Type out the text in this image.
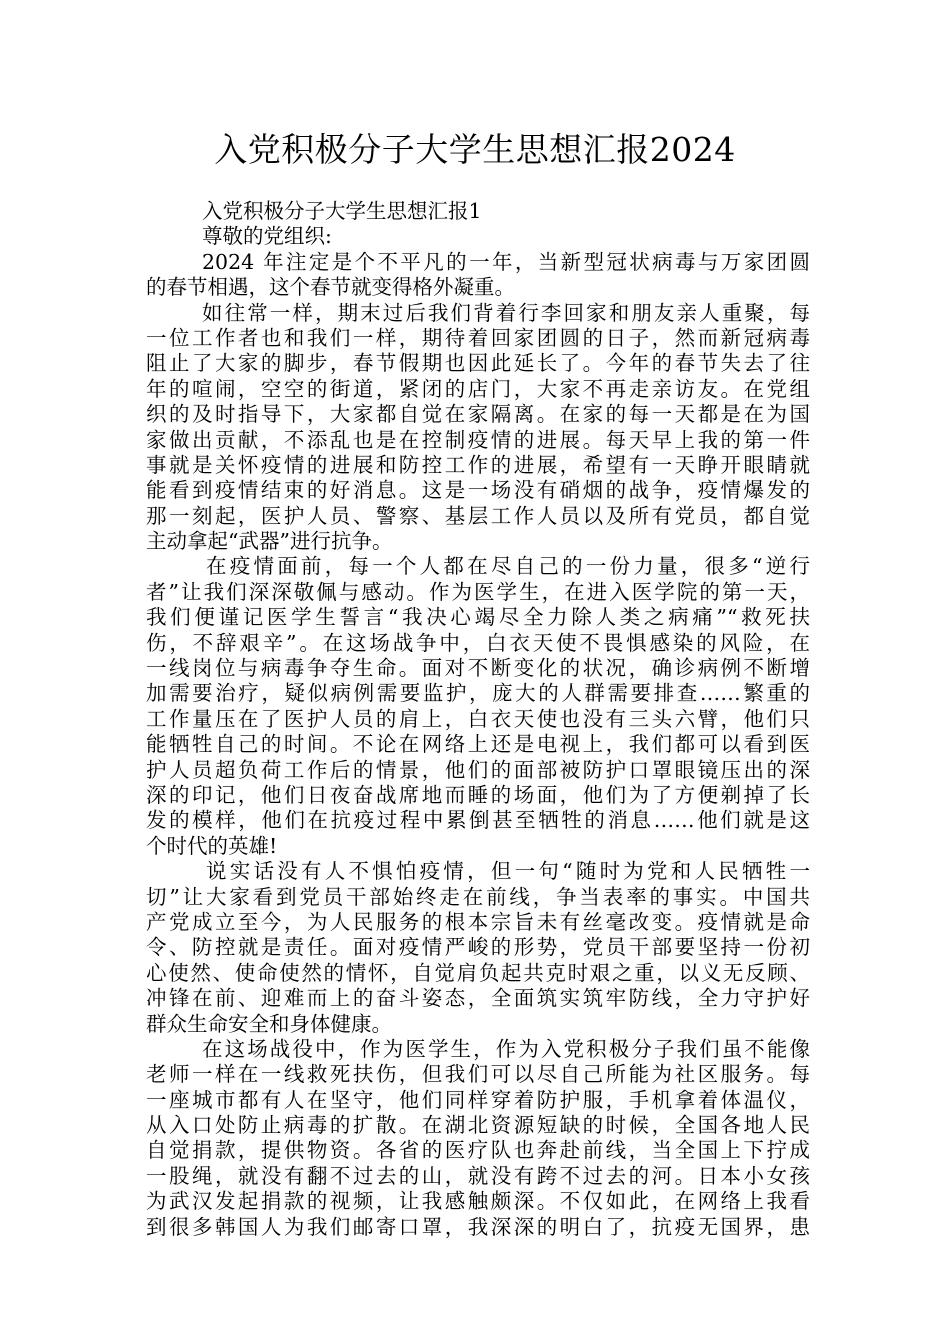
入党积极分子大学生思想汇报2024
入党积极分子大学生思想汇报1
尊敬的党组织:
2024 年注定是个不平凡的一年，当新型冠状病毒与万家团圆
的春节相遇，这个春节就变得格外凝重。
如往常一样，期末过后我们背着行李回家和朋友亲人重聚，每
一位工作者也和我们一样，期待着回家团圆的日子，然而新冠病毒
阻止了大家的脚步，春节假期也因此延长了。今年的春节失去了往
年的喧闹，空空的街道，紧闭的店门，大家不再走亲访友。在党组
织的及时指导下，大家都自觉在家隔离。在家的每一天都是在为国
家做出贡献，不添乱也是在控制疫情的进展。每天早上我的第一件
事就是关怀疫情的进展和防控工作的进展，希望有一天睁开眼睛就
能看到疫情结束的好消息。这是一场没有硝烟的战争，疫情爆发的
那一刻起，医护人员、警察、基层工作人员以及所有党员，都自觉
主动拿起“武器”进行抗争。
在疫情面前，每一个人都在尽自己的一份力量，很多“逆行
者”让我们深深敬佩与感动。作为医学生，在进入医学院的第一天，
我们便谨记医学生誓言“我决心竭尽全力除人类之病痛”“救死扶
伤，不辞艰辛”。在这场战争中，白衣天使不畏惧感染的风险，在
一线岗位与病毒争夺生命。面对不断变化的状况，确诊病例不断增
加需要治疗，疑似病例需要监护，庞大的人群需要排查……繁重的
工作量压在了医护人员的肩上，白衣天使也没有三头六臂，他们只
能牺牲自己的时间。不论在网络上还是电视上，我们都可以看到医
护人员超负荷工作后的情景，他们的面部被防护口罩眼镜压出的深
深的印记，他们日夜奋战席地而睡的场面，他们为了方便剃掉了长
发的模样，他们在抗疫过程中累倒甚至牺牲的消息……他们就是这
个时代的英雄!
说实话没有人不惧怕疫情，但一句“随时为党和人民牺牲一
切”让大家看到党员干部始终走在前线，争当表率的事实。中国共
产党成立至今，为人民服务的根本宗旨未有丝毫改变。疫情就是命
令、防控就是责任。面对疫情严峻的形势，党员干部要坚持一份初
心使然、使命使然的情怀，自觉肩负起共克时艰之重，以义无反顾、
冲锋在前、迎难而上的奋斗姿态，全面筑实筑牢防线，全力守护好
群众生命安全和身体健康。
在这场战役中，作为医学生，作为入党积极分子我们虽不能像
老师一样在一线救死扶伤，但我们可以尽自己所能为社区服务。每
一座城市都有人在坚守，他们同样穿着防护服，手机拿着体温仪，
从入口处防止病毒的扩散。在湖北资源短缺的时候，全国各地人民
自觉捐款，提供物资。各省的医疗队也奔赴前线，当全国上下拧成
一股绳，就没有翻不过去的山，就没有跨不过去的河。日本小女孩
为武汉发起捐款的视频，让我感触颇深。不仅如此，在网络上我看
到很多韩国人为我们邮寄口罩，我深深的明白了，抗疫无国界，患
